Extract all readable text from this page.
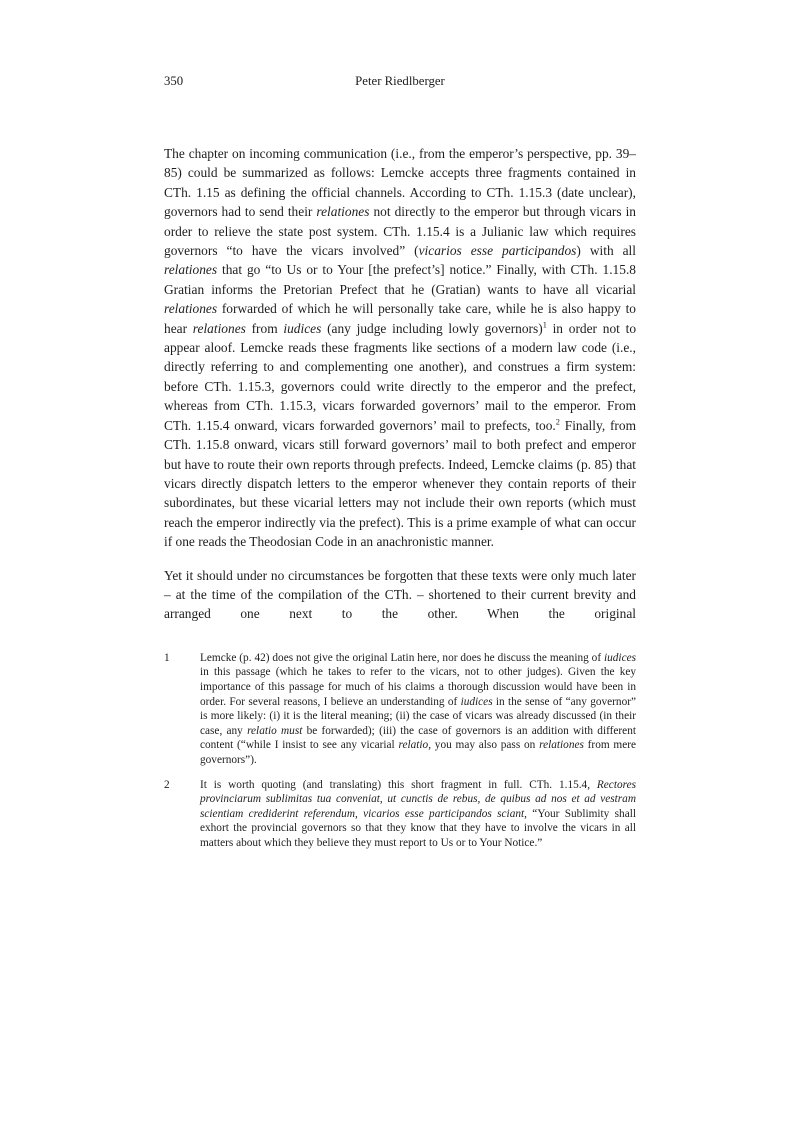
Peter Riedlberger
350

The chapter on incoming communication (i.e., from the emperor’s perspective, pp. 39–85) could be summarized as follows: Lemcke accepts three fragments contained in CTh. 1.15 as defining the official channels. According to CTh. 1.15.3 (date unclear), governors had to send their relationes not directly to the emperor but through vicars in order to relieve the state post system. CTh. 1.15.4 is a Julianic law which requires governors “to have the vicars involved” (vicarios esse participandos) with all relationes that go “to Us or to Your [the prefect’s] notice.” Finally, with CTh. 1.15.8 Gratian informs the Pretorian Prefect that he (Gratian) wants to have all vicarial relationes forwarded of which he will personally take care, while he is also happy to hear relationes from iudices (any judge including lowly governors)$^1$ in order not to appear aloof. Lemcke reads these fragments like sections of a modern law code (i.e., directly referring to and complementing one another), and construes a firm system: before CTh. 1.15.3, governors could write directly to the emperor and the prefect, whereas from CTh. 1.15.3, vicars forwarded governors’ mail to the emperor. From CTh. 1.15.4 onward, vicars forwarded governors’ mail to prefects, too.$^2$ Finally, from CTh. 1.15.8 onward, vicars still forward governors’ mail to both prefect and emperor but have to route their own reports through prefects. Indeed, Lemcke claims (p. 85) that vicars directly dispatch letters to the emperor whenever they contain reports of their subordinates, but these vicarial letters may not include their own reports (which must reach the emperor indirectly via the prefect). This is a prime example of what can occur if one reads the Theodosian Code in an anachronistic manner.

Yet it should under no circumstances be forgotten that these texts were only much later – at the time of the compilation of the CTh. – shortened to their current brevity and arranged one next to the other. When the original

1	Lemcke (p. 42) does not give the original Latin here, nor does he discuss the meaning of iudices in this passage (which he takes to refer to the vicars, not to other judges). Given the key importance of this passage for much of his claims a thorough discussion would have been in order. For several reasons, I believe an understanding of iudices in the sense of “any governor” is more likely: (i) it is the literal meaning; (ii) the case of vicars was already discussed (in their case, any relatio must be forwarded); (iii) the case of governors is an addition with different content (“while I insist to see any vicarial relatio, you may also pass on relationes from mere governors”).
2	It is worth quoting (and translating) this short fragment in full. CTh. 1.15.4, Rectores provinciarum sublimitas tua conveniat, ut cunctis de rebus, de quibus ad nos et ad vestram scientiam crediderint referendum, vicarios esse participandos sciant, “Your Sublimity shall exhort the provincial governors so that they know that they have to involve the vicars in all matters about which they believe they must report to Us or to Your Notice.”
